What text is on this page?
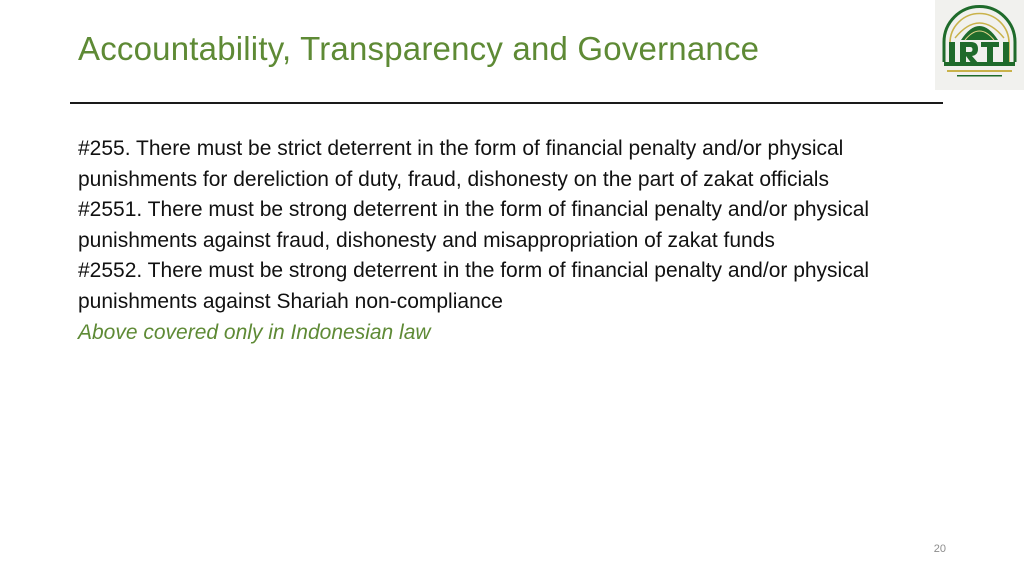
Accountability, Transparency and Governance

#255. There must be strict deterrent in the form of financial penalty and/or physical punishments for dereliction of duty, fraud, dishonesty on the part of zakat officials

#2551. There must be strong deterrent in the form of financial penalty and/or physical punishments against fraud, dishonesty and misappropriation of zakat funds

#2552. There must be strong deterrent in the form of financial penalty and/or physical punishments against Shariah non-compliance

Above covered only in Indonesian law

20
